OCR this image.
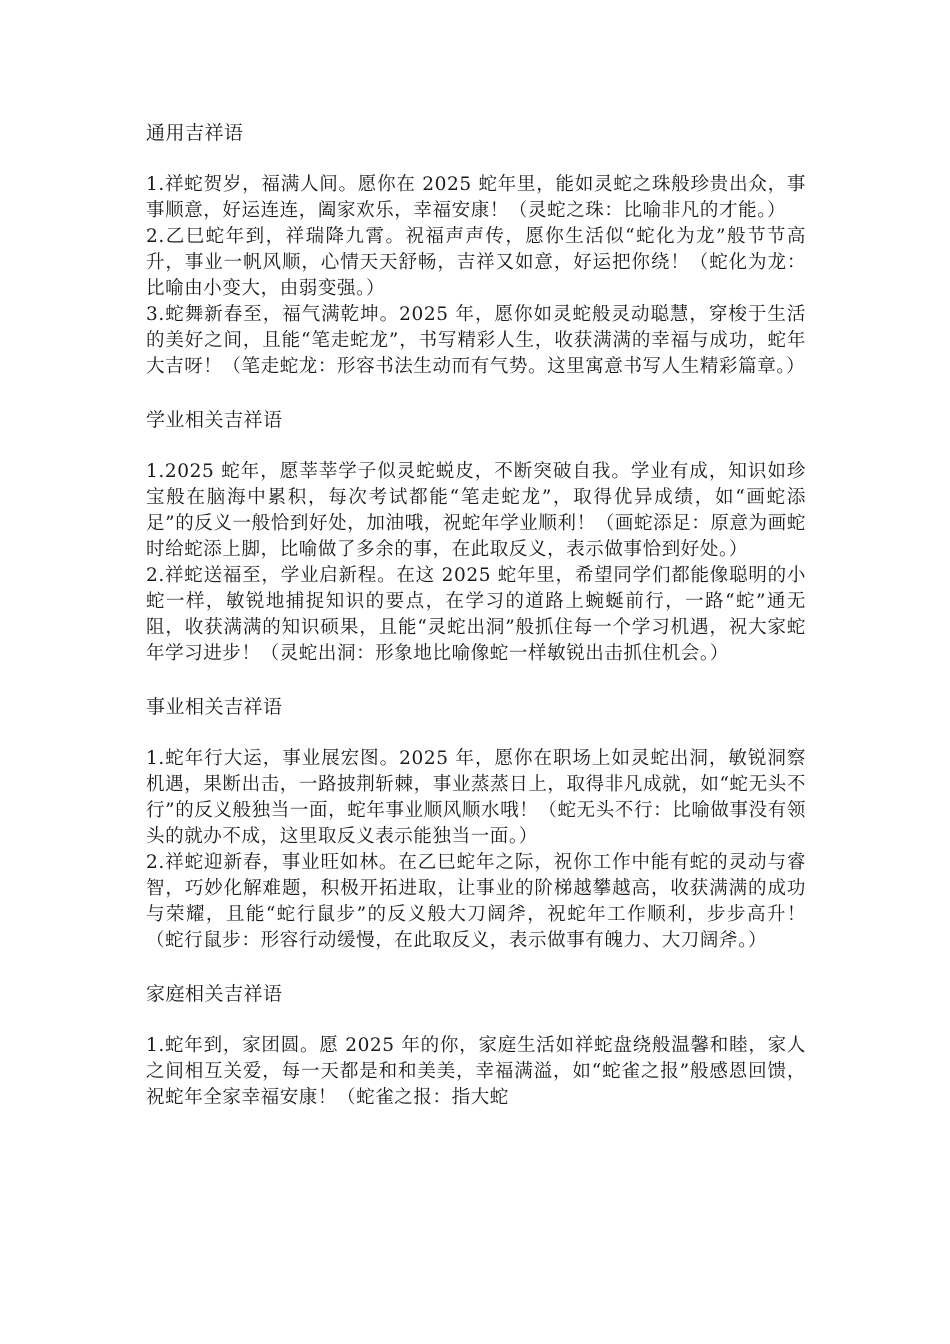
通用吉祥语

1.祥蛇贺岁，福满人间。愿你在 2025 蛇年里，能如灵蛇之珠般珍贵出众，事事顺意，好运连连，阖家欢乐，幸福安康！（灵蛇之珠：比喻非凡的才能。）

2.乙巳蛇年到，祥瑞降九霄。祝福声声传，愿你生活似“蛇化为龙”般节节高升，事业一帆风顺，心情天天舒畅，吉祥又如意，好运把你绕！（蛇化为龙：比喻由小变大，由弱变强。）

3.蛇舞新春至，福气满乾坤。2025 年，愿你如灵蛇般灵动聪慧，穿梭于生活的美好之间，且能“笔走蛇龙”，书写精彩人生，收获满满的幸福与成功，蛇年大吉呀！（笔走蛇龙：形容书法生动而有气势。这里寓意书写人生精彩篇章。）

学业相关吉祥语

1.2025 蛇年，愿莘莘学子似灵蛇蜕皮，不断突破自我。学业有成，知识如珍宝般在脑海中累积，每次考试都能“笔走蛇龙”，取得优异成绩，如“画蛇添足”的反义一般恰到好处，加油哦，祝蛇年学业顺利！（画蛇添足：原意为画蛇时给蛇添上脚，比喻做了多余的事，在此取反义，表示做事恰到好处。）

2.祥蛇送福至，学业启新程。在这 2025 蛇年里，希望同学们都能像聪明的小蛇一样，敏锐地捕捉知识的要点，在学习的道路上蜿蜒前行，一路“蛇”通无阻，收获满满的知识硕果，且能“灵蛇出洞”般抓住每一个学习机遇，祝大家蛇年学习进步！（灵蛇出洞：形象地比喻像蛇一样敏锐出击抓住机会。）

事业相关吉祥语

1.蛇年行大运，事业展宏图。2025 年，愿你在职场上如灵蛇出洞，敏锐洞察机遇，果断出击，一路披荆斩棘，事业蒸蒸日上，取得非凡成就，如“蛇无头不行”的反义般独当一面，蛇年事业顺风顺水哦！（蛇无头不行：比喻做事没有领头的就办不成，这里取反义表示能独当一面。）

2.祥蛇迎新春，事业旺如林。在乙巳蛇年之际，祝你工作中能有蛇的灵动与睿智，巧妙化解难题，积极开拓进取，让事业的阶梯越攀越高，收获满满的成功与荣耀，且能“蛇行鼠步”的反义般大刀阔斧，祝蛇年工作顺利，步步高升！（蛇行鼠步：形容行动缓慢，在此取反义，表示做事有魄力、大刀阔斧。）

家庭相关吉祥语

1.蛇年到，家团圆。愿 2025 年的你，家庭生活如祥蛇盘绕般温馨和睦，家人之间相互关爱，每一天都是和和美美，幸福满溢，如“蛇雀之报”般感恩回馈，祝蛇年全家幸福安康！（蛇雀之报：指大蛇
